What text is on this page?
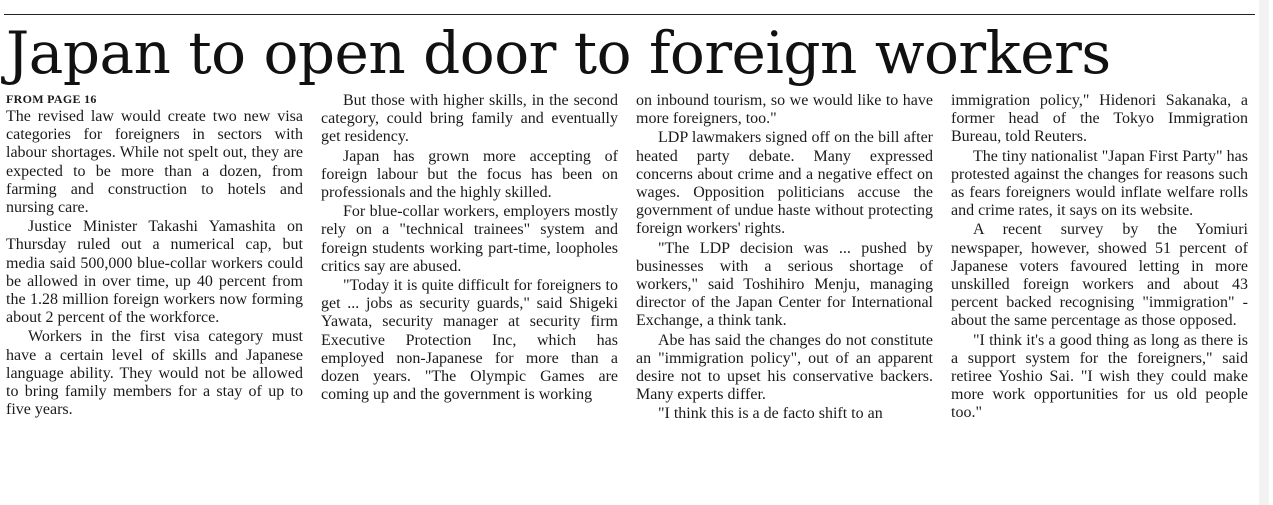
Japan to open door to foreign workers
FROM PAGE 16

The revised law would create two new visa categories for foreigners in sectors with labour shortages. While not spelt out, they are expected to be more than a dozen, from farming and construction to hotels and nursing care.

Justice Minister Takashi Yamashita on Thursday ruled out a numerical cap, but media said 500,000 blue-collar workers could be allowed in over time, up 40 percent from the 1.28 million foreign workers now forming about 2 percent of the workforce.

Workers in the first visa category must have a certain level of skills and Japanese language ability. They would not be allowed to bring family members for a stay of up to five years.

But those with higher skills, in the second category, could bring family and eventually get residency.

Japan has grown more accepting of foreign labour but the focus has been on professionals and the highly skilled.

For blue-collar workers, employers mostly rely on a "technical trainees" system and foreign students working part-time, loopholes critics say are abused.

"Today it is quite difficult for foreigners to get ... jobs as security guards," said Shigeki Yawata, security manager at security firm Executive Protection Inc, which has employed non-Japanese for more than a dozen years. "The Olympic Games are coming up and the government is working

on inbound tourism, so we would like to have more foreigners, too."

LDP lawmakers signed off on the bill after heated party debate. Many expressed concerns about crime and a negative effect on wages. Opposition politicians accuse the government of undue haste without protecting foreign workers' rights.

"The LDP decision was ... pushed by businesses with a serious shortage of workers," said Toshihiro Menju, managing director of the Japan Center for International Exchange, a think tank.

Abe has said the changes do not constitute an "immigration policy", out of an apparent desire not to upset his conservative backers. Many experts differ.

"I think this is a de facto shift to an

immigration policy," Hidenori Sakanaka, a former head of the Tokyo Immigration Bureau, told Reuters.

The tiny nationalist "Japan First Party" has protested against the changes for reasons such as fears foreigners would inflate welfare rolls and crime rates, it says on its website.

A recent survey by the Yomiuri newspaper, however, showed 51 percent of Japanese voters favoured letting in more unskilled foreign workers and about 43 percent backed recognising "immigration" - about the same percentage as those opposed.

"I think it's a good thing as long as there is a support system for the foreigners," said retiree Yoshio Sai. "I wish they could make more work opportunities for us old people too."
